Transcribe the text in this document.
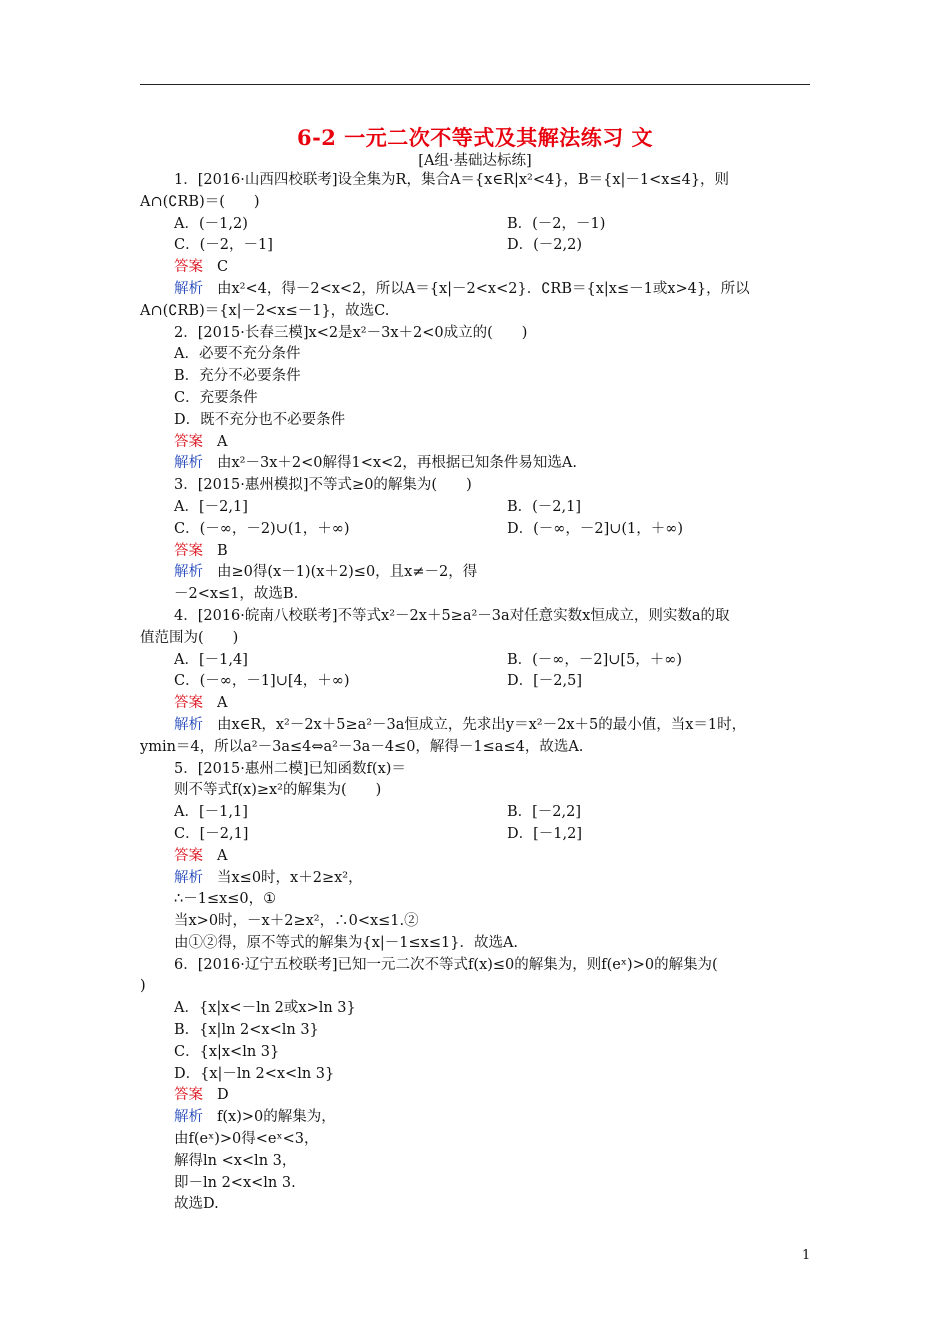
6-2 一元二次不等式及其解法练习 文
[A组·基础达标练]
1．[2016·山西四校联考]设全集为R，集合A＝{x∈R|x²<4}，B＝{x|－1<x≤4}，则
A∩(∁RB)＝(　　)
A．(－1,2)	B．(－2，－1)
C．(－2，－1]	D．(－2,2)
答案 C
解析 由x²<4，得－2<x<2，所以A＝{x|－2<x<2}．∁RB＝{x|x≤－1或x>4}，所以
A∩(∁RB)＝{x|－2<x≤－1}，故选C.
2．[2015·长春三模]x<2是x²－3x＋2<0成立的(　　)
A．必要不充分条件
B．充分不必要条件
C．充要条件
D．既不充分也不必要条件
答案 A
解析 由x²－3x＋2<0解得1<x<2，再根据已知条件易知选A.
3．[2015·惠州模拟]不等式≥0的解集为(　　)
A．[－2,1]	B．(－2,1]
C．(－∞，－2)∪(1，＋∞)	D．(－∞，－2]∪(1，＋∞)
答案 B
解析 由≥0得(x－1)(x＋2)≤0，且x≠－2，得
－2<x≤1，故选B.
4．[2016·皖南八校联考]不等式x²－2x＋5≥a²－3a对任意实数x恒成立，则实数a的取
值范围为(　　)
A．[－1,4]	B．(－∞，－2]∪[5，＋∞)
C．(－∞，－1]∪[4，＋∞)	D．[－2,5]
答案 A
解析 由x∈R，x²－2x＋5≥a²－3a恒成立，先求出y＝x²－2x＋5的最小值，当x＝1时，
ymin＝4，所以a²－3a≤4⇔a²－3a－4≤0，解得－1≤a≤4，故选A.
5．[2015·惠州二模]已知函数f(x)＝
则不等式f(x)≥x²的解集为(　　)
A．[－1,1]	B．[－2,2]
C．[－2,1]	D．[－1,2]
答案 A
解析 当x≤0时，x＋2≥x²，
∴－1≤x≤0，①
当x>0时，－x＋2≥x²，∴0<x≤1.②
由①②得，原不等式的解集为{x|－1≤x≤1}．故选A.
6．[2016·辽宁五校联考]已知一元二次不等式f(x)≤0的解集为，则f(eˣ)>0的解集为(
)
A．{x|x<－ln 2或x>ln 3}
B．{x|ln 2<x<ln 3}
C．{x|x<ln 3}
D．{x|－ln 2<x<ln 3}
答案 D
解析 f(x)>0的解集为，
由f(eˣ)>0得<eˣ<3，
解得ln <x<ln 3，
即－ln 2<x<ln 3.
故选D.
1
